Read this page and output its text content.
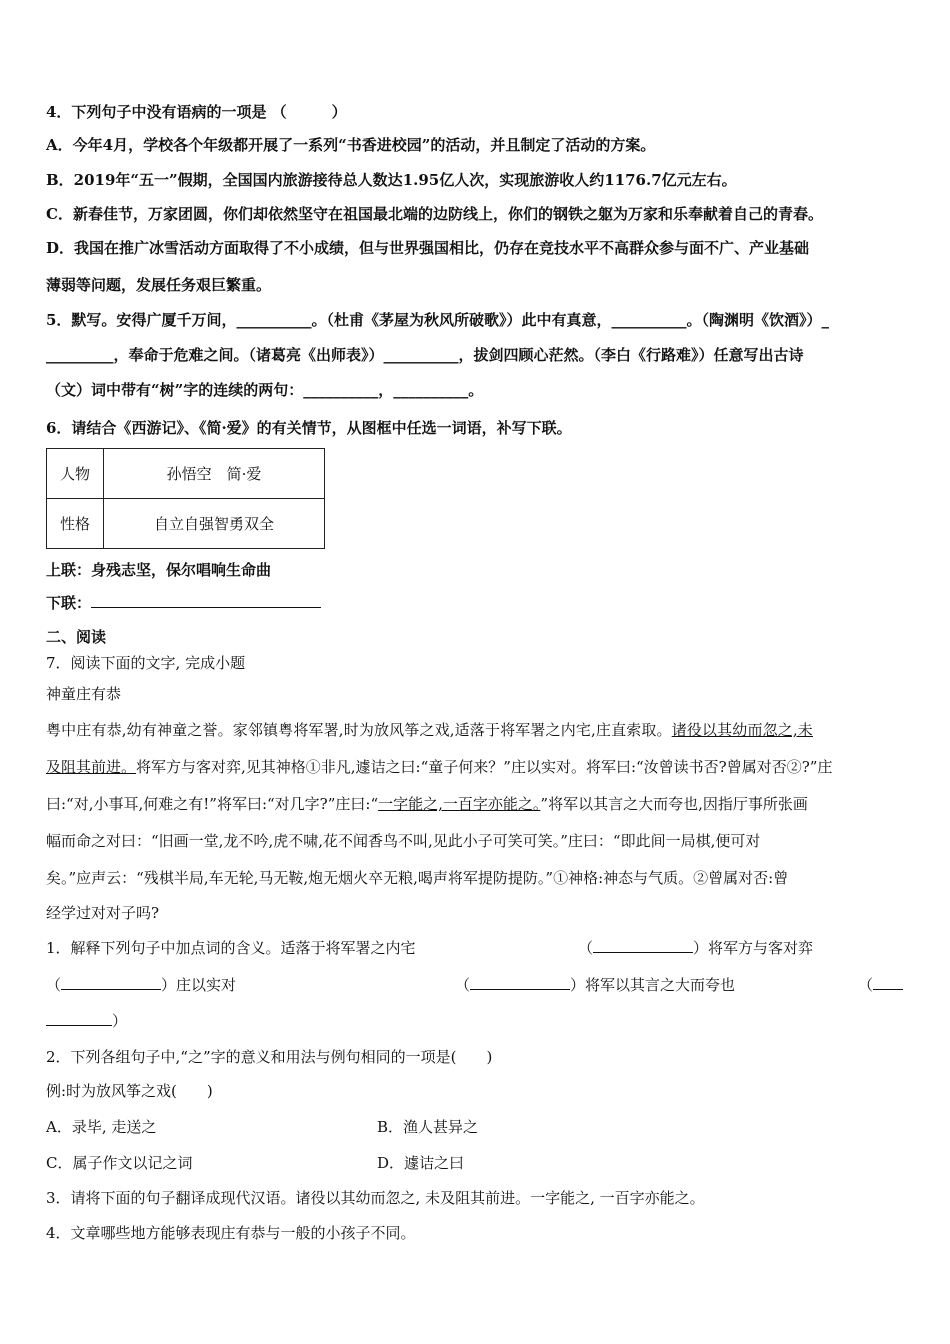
4．下列句子中没有语病的一项是 （　　　）
A．今年4月，学校各个年级都开展了一系列“书香进校园”的活动，并且制定了活动的方案。
B．2019年“五一”假期，全国国内旅游接待总人数达1.95亿人次，实现旅游收人约1176.7亿元左右。
C．新春佳节，万家团圆，你们却依然坚守在祖国最北端的边防线上，你们的钢铁之躯为万家和乐奉献着自己的青春。
D．我国在推广冰雪活动方面取得了不小成绩，但与世界强国相比，仍存在竞技水平不高群众参与面不广、产业基础
薄弱等问题，发展任务艰巨繁重。
5．默写。安得广厦千万间，__________。（杜甫《茅屋为秋风所破歌》）此中有真意，__________。（陶渊明《饮酒》）_
_________，奉命于危难之间。（诸葛亮《出师表》）__________，拔剑四顾心茫然。（李白《行路难》）任意写出古诗
（文）词中带有“树”字的连续的两句：__________，__________。
6．请结合《西游记》、《简·爱》的有关情节，从图框中任选一词语，补写下联。
人物	孙悟空　简·爱
性格	自立自强智勇双全
上联：身残志坚，保尔唱响生命曲
下联：
二、阅读
7．阅读下面的文字, 完成小题
神童庄有恭
粤中庄有恭,幼有神童之誉。家邻镇粤将军署,时为放风筝之戏,适落于将军署之内宅,庄直索取。诸役以其幼而忽之,未
及阻其前进。将军方与客对弈,见其神格①非凡,遽诘之曰:“童子何来？”庄以实对。将军曰:“汝曾读书否?曾属对否②?”庄
曰:“对,小事耳,何难之有!”将军曰:“对几字?”庄曰:“一字能之,一百字亦能之。”将军以其言之大而夸也,因指厅事所张画
幅而命之对曰：“旧画一堂,龙不吟,虎不啸,花不闻香鸟不叫,见此小子可笑可笑。”庄曰：“即此间一局棋,便可对
矣。”应声云：“残棋半局,车无轮,马无鞍,炮无烟火卒无粮,喝声将军提防提防。”①神格:神态与气质。②曾属对否:曾
经学过对对子吗?
1．解释下列句子中加点词的含义。适落于将军署之内宅	（	）将军方与客对弈
（	）庄以实对	（	）将军以其言之大而夸也	（
）
2．下列各组句子中,“之”字的意义和用法与例句相同的一项是(　　)
例:时为放风筝之戏(　　)
A．录毕, 走送之	B．渔人甚异之
C．属子作文以记之词	D．遽诘之曰
3．请将下面的句子翻译成现代汉语。诸役以其幼而忽之, 未及阻其前进。一字能之, 一百字亦能之。
4．文章哪些地方能够表现庄有恭与一般的小孩子不同。
